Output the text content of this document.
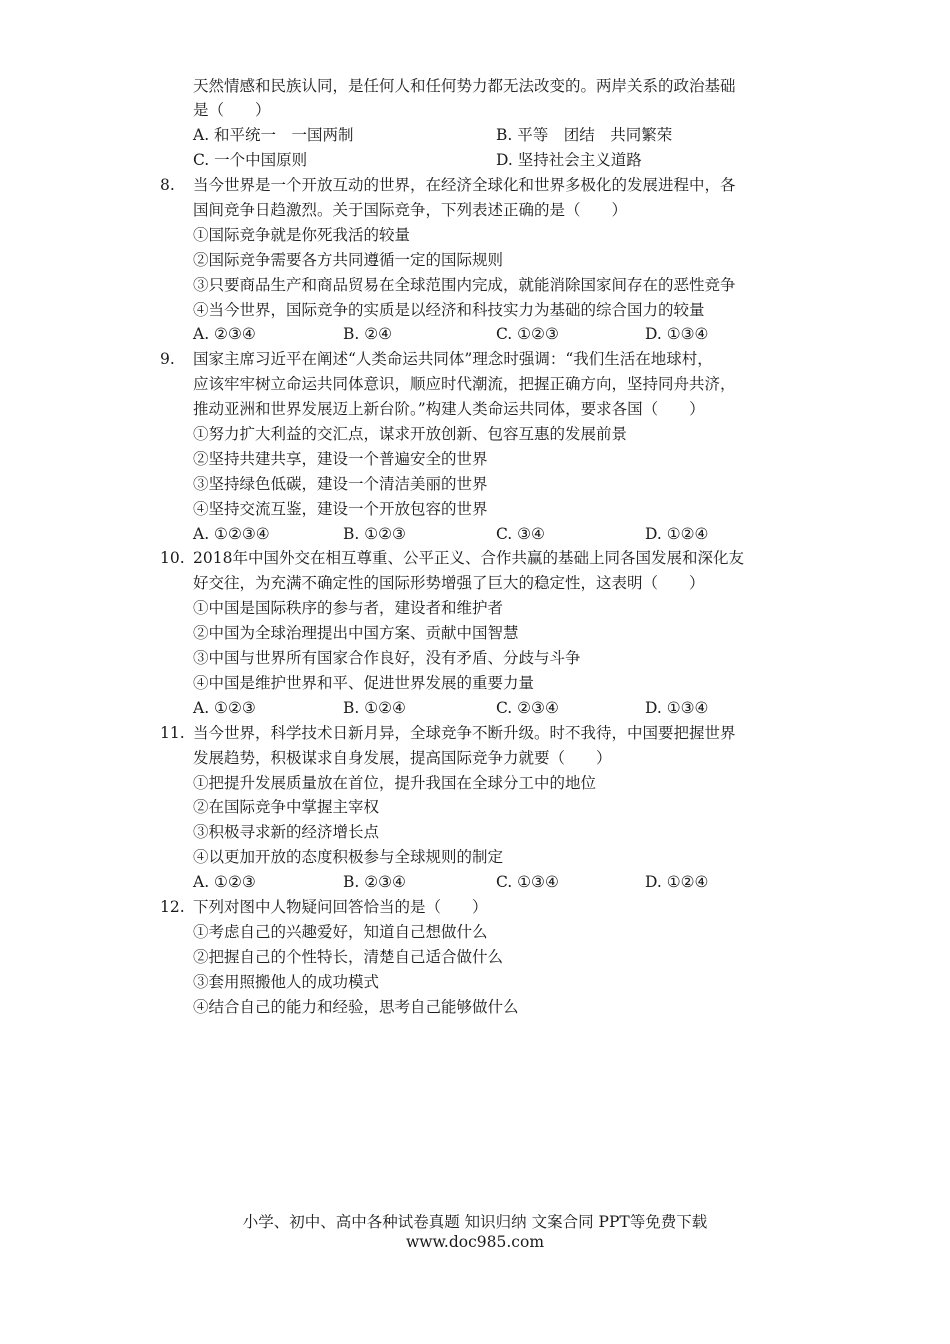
天然情感和民族认同，是任何人和任何势力都无法改变的。两岸关系的政治基础
是（　　）
A. 和平统一　一国两制	B. 平等　团结　共同繁荣
C. 一个中国原则	D. 坚持社会主义道路
8. 当今世界是一个开放互动的世界，在经济全球化和世界多极化的发展进程中，各
国间竞争日趋激烈。关于国际竞争，下列表述正确的是（　　）
①国际竞争就是你死我活的较量
②国际竞争需要各方共同遵循一定的国际规则
③只要商品生产和商品贸易在全球范围内完成，就能消除国家间存在的恶性竞争
④当今世界，国际竞争的实质是以经济和科技实力为基础的综合国力的较量
A. ②③④	B. ②④	C. ①②③	D. ①③④
9. 国家主席习近平在阐述“人类命运共同体”理念时强调：“我们生活在地球村，
应该牢牢树立命运共同体意识，顺应时代潮流，把握正确方向，坚持同舟共济，
推动亚洲和世界发展迈上新台阶。”构建人类命运共同体，要求各国（　　）
①努力扩大利益的交汇点，谋求开放创新、包容互惠的发展前景
②坚持共建共享，建设一个普遍安全的世界
③坚持绿色低碳，建设一个清洁美丽的世界
④坚持交流互鉴，建设一个开放包容的世界
A. ①②③④	B. ①②③	C. ③④	D. ①②④
10. 2018年中国外交在相互尊重、公平正义、合作共赢的基础上同各国发展和深化友
好交往，为充满不确定性的国际形势增强了巨大的稳定性，这表明（　　）
①中国是国际秩序的参与者，建设者和维护者
②中国为全球治理提出中国方案、贡献中国智慧
③中国与世界所有国家合作良好，没有矛盾、分歧与斗争
④中国是维护世界和平、促进世界发展的重要力量
A. ①②③	B. ①②④	C. ②③④	D. ①③④
11. 当今世界，科学技术日新月异，全球竞争不断升级。时不我待，中国要把握世界
发展趋势，积极谋求自身发展，提高国际竞争力就要（　　）
①把提升发展质量放在首位，提升我国在全球分工中的地位
②在国际竞争中掌握主宰权
③积极寻求新的经济增长点
④以更加开放的态度积极参与全球规则的制定
A. ①②③	B. ②③④	C. ①③④	D. ①②④
12. 下列对图中人物疑问回答恰当的是（　　）
①考虑自己的兴趣爱好，知道自己想做什么
②把握自己的个性特长，清楚自己适合做什么
③套用照搬他人的成功模式
④结合自己的能力和经验，思考自己能够做什么
小学、初中、高中各种试卷真题 知识归纳 文案合同 PPT等免费下载
www.doc985.com
